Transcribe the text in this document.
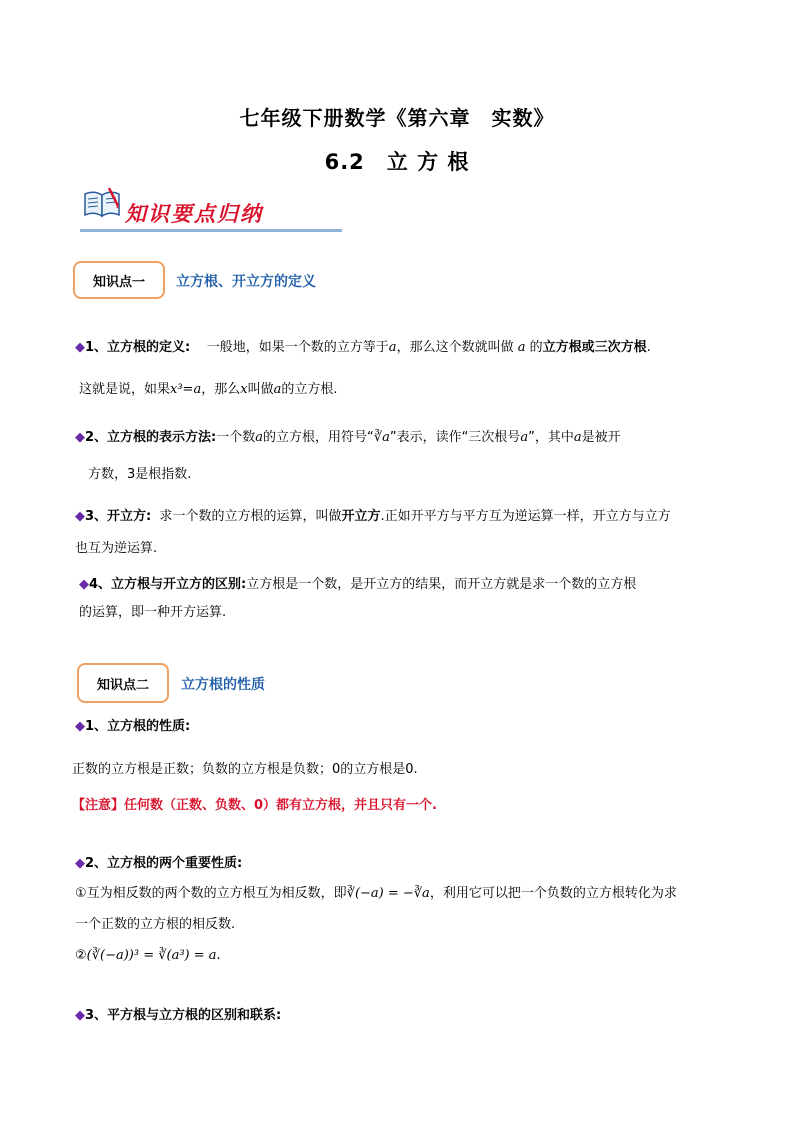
七年级下册数学《第六章　实数》
6.2　立 方 根
知识要点归纳
知识点一	立方根、开立方的定义
◆1、立方根的定义: 一般地，如果一个数的立方等于a，那么这个数就叫做 a 的立方根或三次方根.
这就是说，如果x³=a，那么x叫做a的立方根.
◆2、立方根的表示方法:一个数a的立方根，用符号“∛a”表示，读作“三次根号a”，其中a是被开
方数，3是根指数.
◆3、开立方: 求一个数的立方根的运算，叫做开立方.正如开平方与平方互为逆运算一样，开立方与立方
也互为逆运算.
◆4、立方根与开立方的区别:立方根是一个数，是开立方的结果，而开立方就是求一个数的立方根
的运算，即一种开方运算.
知识点二	立方根的性质
◆1、立方根的性质:
正数的立方根是正数；负数的立方根是负数；0的立方根是0.
【注意】任何数（正数、负数、0）都有立方根，并且只有一个.
◆2、立方根的两个重要性质:
①互为相反数的两个数的立方根互为相反数，即∛(−a) = −∛a，利用它可以把一个负数的立方根转化为求
一个正数的立方根的相反数.
②(∛(−a))³ = ∛(a³) = a.
◆3、平方根与立方根的区别和联系:
